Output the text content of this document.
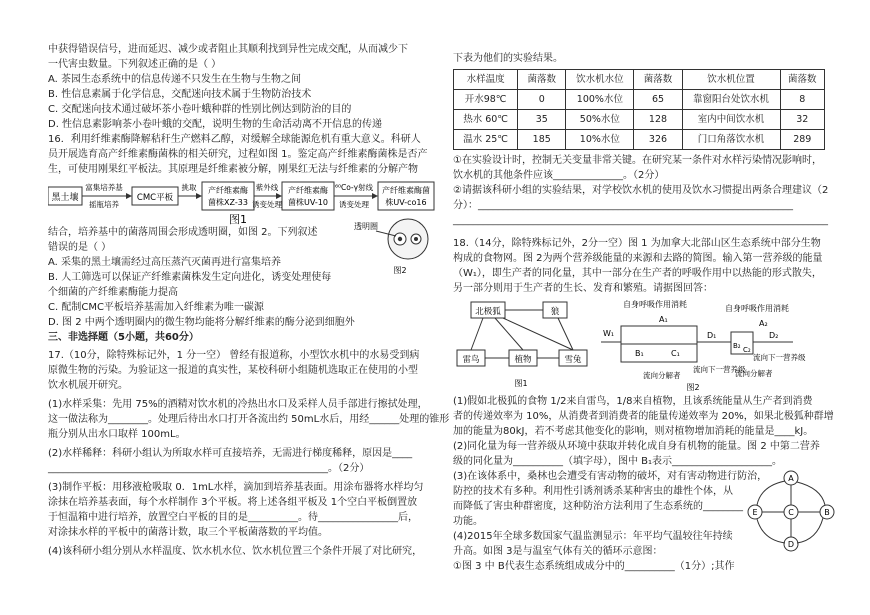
中获得错误信号，进而延迟、减少或者阻止其顺利找到异性完成交配，从而减少下

一代害虫数量。下列叙述正确的是（ ）

A. 茶园生态系统中的信息传递不只发生在生物与生物之间

B. 性信息素属于化学信息，交配迷向技术属于生物防治技术

C. 交配迷向技术通过破坏茶小卷叶蛾种群的性别比例达到防治的目的

D. 性信息素影响茶小卷叶蛾的交配，说明生物的生命活动离不开信息的传递

16．利用纤维素酶降解秸秆生产燃料乙醇，对缓解全球能源危机有重大意义。科研人

员开展选育高产纤维素酶菌株的相关研究，过程如图 1。鉴定高产纤维素酶菌株是否产

生，可使用刚果红平板法。其原理是纤维素被分解，刚果红无法与纤维素的分解产物

黑土壤
富集培养基
摇瓶培养
CMC平板
挑取 产纤维素酶
菌株XZ-33
紫外线
诱变处理
产纤维素酶
菌株UV-10
⁶⁰Co-γ射线
诱变处理
产纤维素酶菌
株UV-co16
图1

结合，培养基中的菌落周围会形成透明圈，如图 2。下列叙述

错误的是（ ）

A. 采集的黑土壤需经过高压蒸汽灭菌再进行富集培养

B. 人工筛选可以保证产纤维素菌株发生定向进化，诱变处理使每

个细菌的产纤维素酶能力提高

C. 配制CMC平板培养基需加入纤维素为唯一碳源

D. 图 2 中两个透明圈内的微生物均能将分解纤维素的酶分泌到细胞外

透明圈
图2

三、非选择题（5小题，共60分）

17.（10分，除特殊标记外，1 分一空） 曾经有报道称，小型饮水机中的水易受到病

原微生物的污染。为验证这一报道的真实性，某校科研小组随机选取正在使用的小型

饮水机展开研究。

(1)水样采集：先用 75%的酒精对饮水机的冷热出水口及采样人员手部进行擦拭处理，

这一做法称为________。处理后待出水口打开各流出约 50mL水后，用经______处理的锥形

瓶分别从出水口取样 100mL。

(2)水样稀释：科研小组认为所取水样可直接培养，无需进行梯度稀释，原因是____

________________________________________________________。（2分）

(3)制作平板：用移液枪吸取 0．1mL水样，滴加到培养基表面。用涂布器将水样均匀

涂抹在培养基表面，每个水样制作 3个平板。将上述各组平板及 1个空白平板倒置放

于恒温箱中进行培养，放置空白平板的目的是__________。待________________后，

对涂抹水样的平板中的菌落计数，取三个平板菌落数的平均值。

(4)该科研小组分别从水样温度、饮水机水位、饮水机位置三个条件开展了对比研究，

下表为他们的实验结果。

水样温度	菌落数	饮水机水位	菌落数	饮水机位置	菌落数
开水98℃	0	100%水位	65	靠窗阳台处饮水机	8
热水 60℃	35	50%水位	128	室内中间饮水机	32
温水 25℃	185	10%水位	326	门口角落饮水机	289

①在实验设计时，控制无关变量非常关键。在研究某一条件对水样污染情况影响时，

饮水机的其他条件应该______________。（2分）

②请据该科研小组的实验结果，对学校饮水机的使用及饮水习惯提出两条合理建议（2

分）：_______________________________________________________________

___________________________________________________________________________

18.（14分，除特殊标记外，2分一空）图 1 为加拿大北部山区生态系统中部分生物

构成的食物网。图 2为两个营养级能量的来源和去路的简图。输入第一营养级的能量

（W₁），即生产者的同化量，其中一部分在生产者的呼吸作用中以热能的形式散失，

另一部分则用于生产者的生长、发育和繁殖。请据图回答：

北极狐	狼
雷鸟	植物	雪兔
图1
自身呼吸作用消耗	自身呼吸作用消耗
W₁
A₁
B₁	C₁
D₁
流向下一营养级
流向分解者
A₂
B₂ C₂
D₂
流向下一营养级
流向分解者
图2

(1)假如北极狐的食物 1/2来自雷鸟，1/8来自植物，且该系统能量从生产者到消费

者的传递效率为 10%，从消费者到消费者的能量传递效率为 20%，如果北极狐种群增

加的能量为80kJ，若不考虑其他变化的影响，则对植物增加消耗的能量是____kJ。

(2)同化量为每一营养级从环境中获取并转化成自身有机物的能量。图 2 中第二营养

级的同化量为__________（填字母），图中 B₁表示____________________。

(3)在该体系中，桑林也会遭受有害动物的破坏，对有害动物进行防治，

防控的技术有多种。利用性引诱剂诱杀某种害虫的雄性个体，从

而降低了害虫种群密度，这种防治方法利用了生态系统的________

功能。

(4)2015年全球多数国家气温监测显示：年平均气温较往年持续

升高。如图 3是与温室气体有关的循环示意图：

①图 3 中 B代表生态系统组成成分中的__________（1分）;其作

A
B
C
D
E
